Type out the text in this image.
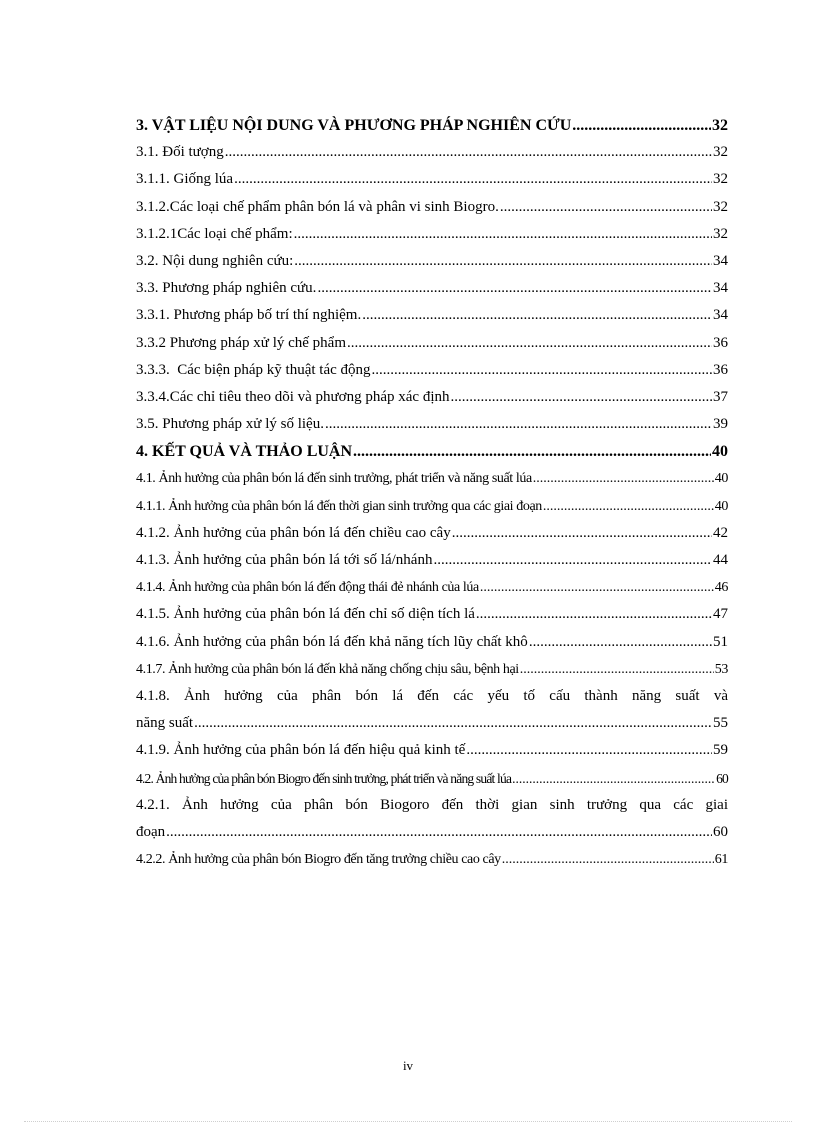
3. VẬT LIỆU NỘI DUNG VÀ PHƯƠNG PHÁP NGHIÊN CỨU .....	32
3.1. Đối tượng .....	32
3.1.1. Giống lúa .....	32
3.1.2.Các loại chế phẩm phân bón lá và phân vi sinh Biogro. .....	32
3.1.2.1Các loại chế phẩm: .....	32
3.2. Nội dung nghiên cứu: .....	34
3.3. Phương pháp nghiên cứu. .....	34
3.3.1. Phương pháp bố trí thí nghiệm. .....	34
3.3.2 Phương pháp xử lý chế phẩm .....	36
3.3.3.  Các biện pháp kỹ thuật tác động .....	36
3.3.4.Các chỉ tiêu theo dõi và phương pháp xác định .....	37
3.5. Phương pháp xử lý số liệu. .....	39
4. KẾT QUẢ VÀ THẢO LUẬN .....	40
4.1. Ảnh hưởng của phân bón lá đến sinh trưởng, phát triển và năng suất lúa .....	40
4.1.1. Ảnh hưởng của phân bón lá đến thời gian sinh trưởng qua các giai đoạn .....	40
4.1.2. Ảnh hưởng của phân bón lá đến chiều cao cây .....	42
4.1.3. Ảnh hưởng của phân bón lá tới số lá/nhánh .....	44
4.1.4. Ảnh hưởng của phân bón lá đến động thái đẻ nhánh của lúa .....	46
4.1.5. Ảnh hưởng của phân bón lá đến chỉ số diện tích lá .....	47
4.1.6. Ảnh hưởng của phân bón lá đến khả năng tích lũy chất khô .....	51
4.1.7. Ảnh hưởng của phân bón lá đến khả năng chống chịu sâu, bệnh hại .....	53
4.1.8. Ảnh hưởng của phân bón lá đến các yếu tố cấu thành năng suất và
năng suất .....	55
4.1.9. Ảnh hưởng của phân bón lá đến hiệu quả kinh tế .....	59
4.2. Ảnh hưởng của phân bón Biogro đến sinh trưởng, phát triển và năng suất lúa .....	60
4.2.1. Ảnh hưởng của phân bón Biogoro đến thời gian sinh trưởng qua các giai
đoạn .....	60
4.2.2. Ảnh hưởng của phân bón Biogro đến tăng trưởng chiều cao cây .....	61
iv
